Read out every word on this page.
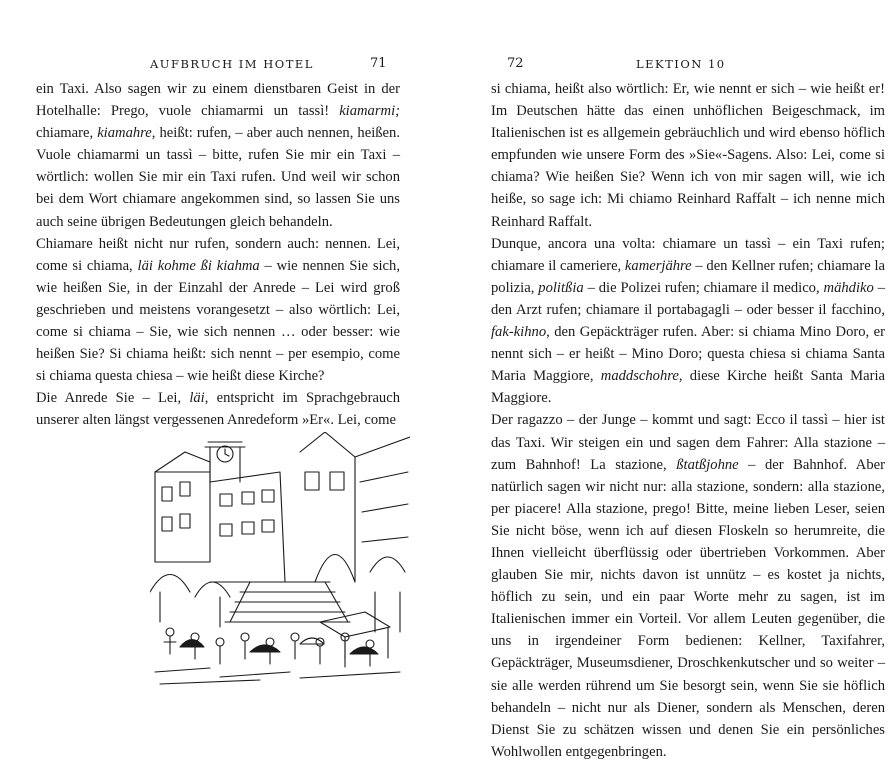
AUFBRUCH IM HOTEL	71

ein Taxi. Also sagen wir zu einem dienstbaren Geist in der Hotelhalle: Prego, vuole chiamarmi un tassì! kiamarmi; chiamare, kiamahre, heißt: rufen, – aber auch nennen, heißen. Vuole chiamarmi un tassì – bitte, rufen Sie mir ein Taxi – wörtlich: wollen Sie mir ein Taxi rufen. Und weil wir schon bei dem Wort chiamare angekommen sind, so lassen Sie uns auch seine übrigen Bedeutungen gleich behandeln.

Chiamare heißt nicht nur rufen, sondern auch: nennen. Lei, come si chiama, läi kohme ßi kiahma – wie nennen Sie sich, wie heißen Sie, in der Einzahl der Anrede – Lei wird groß geschrieben und meistens vorangesetzt – also wörtlich: Lei, come si chiama – Sie, wie sich nennen … oder besser: wie heißen Sie? Si chiama heißt: sich nennt – per esempio, come si chiama questa chiesa – wie heißt diese Kirche?

Die Anrede Sie – Lei, läi, entspricht im Sprachgebrauch unserer alten längst vergessenen Anredeform »Er«. Lei, come

72	LEKTION 10

si chiama, heißt also wörtlich: Er, wie nennt er sich – wie heißt er! Im Deutschen hätte das einen unhöflichen Beigeschmack, im Italienischen ist es allgemein gebräuchlich und wird ebenso höflich empfunden wie unsere Form des »Sie«-Sagens. Also: Lei, come si chiama? Wie heißen Sie? Wenn ich von mir sagen will, wie ich heiße, so sage ich: Mi chiamo Reinhard Raffalt – ich nenne mich Reinhard Raffalt.

Dunque, ancora una volta: chiamare un tassì – ein Taxi rufen; chiamare il cameriere, kamerjähre – den Kellner rufen; chiamare la polizia, politßia – die Polizei rufen; chiamare il medico, mähdiko – den Arzt rufen; chiamare il portabagagli – oder besser il facchino, fak-kihno, den Gepäckträger rufen. Aber: si chiama Mino Doro, er nennt sich – er heißt – Mino Doro; questa chiesa si chiama Santa Maria Maggiore, maddschohre, diese Kirche heißt Santa Maria Maggiore.

Der ragazzo – der Junge – kommt und sagt: Ecco il tassì – hier ist das Taxi. Wir steigen ein und sagen dem Fahrer: Alla stazione – zum Bahnhof! La stazione, ßtatßjohne – der Bahnhof. Aber natürlich sagen wir nicht nur: alla stazione, sondern: alla stazione, per piacere! Alla stazione, prego! Bitte, meine lieben Leser, seien Sie nicht böse, wenn ich auf diesen Floskeln so herumreite, die Ihnen vielleicht überflüssig oder übertrieben Vorkommen. Aber glauben Sie mir, nichts davon ist unnütz – es kostet ja nichts, höflich zu sein, und ein paar Worte mehr zu sagen, ist im Italienischen immer ein Vorteil. Vor allem Leuten gegenüber, die uns in irgendeiner Form bedienen: Kellner, Taxifahrer, Gepäckträger, Museumsdiener, Droschkenkutscher und so weiter – sie alle werden rührend um Sie besorgt sein, wenn Sie sie höflich behandeln – nicht nur als Diener, sondern als Menschen, deren Dienst Sie zu schätzen wissen und denen Sie ein persönliches Wohlwollen entgegenbringen.
